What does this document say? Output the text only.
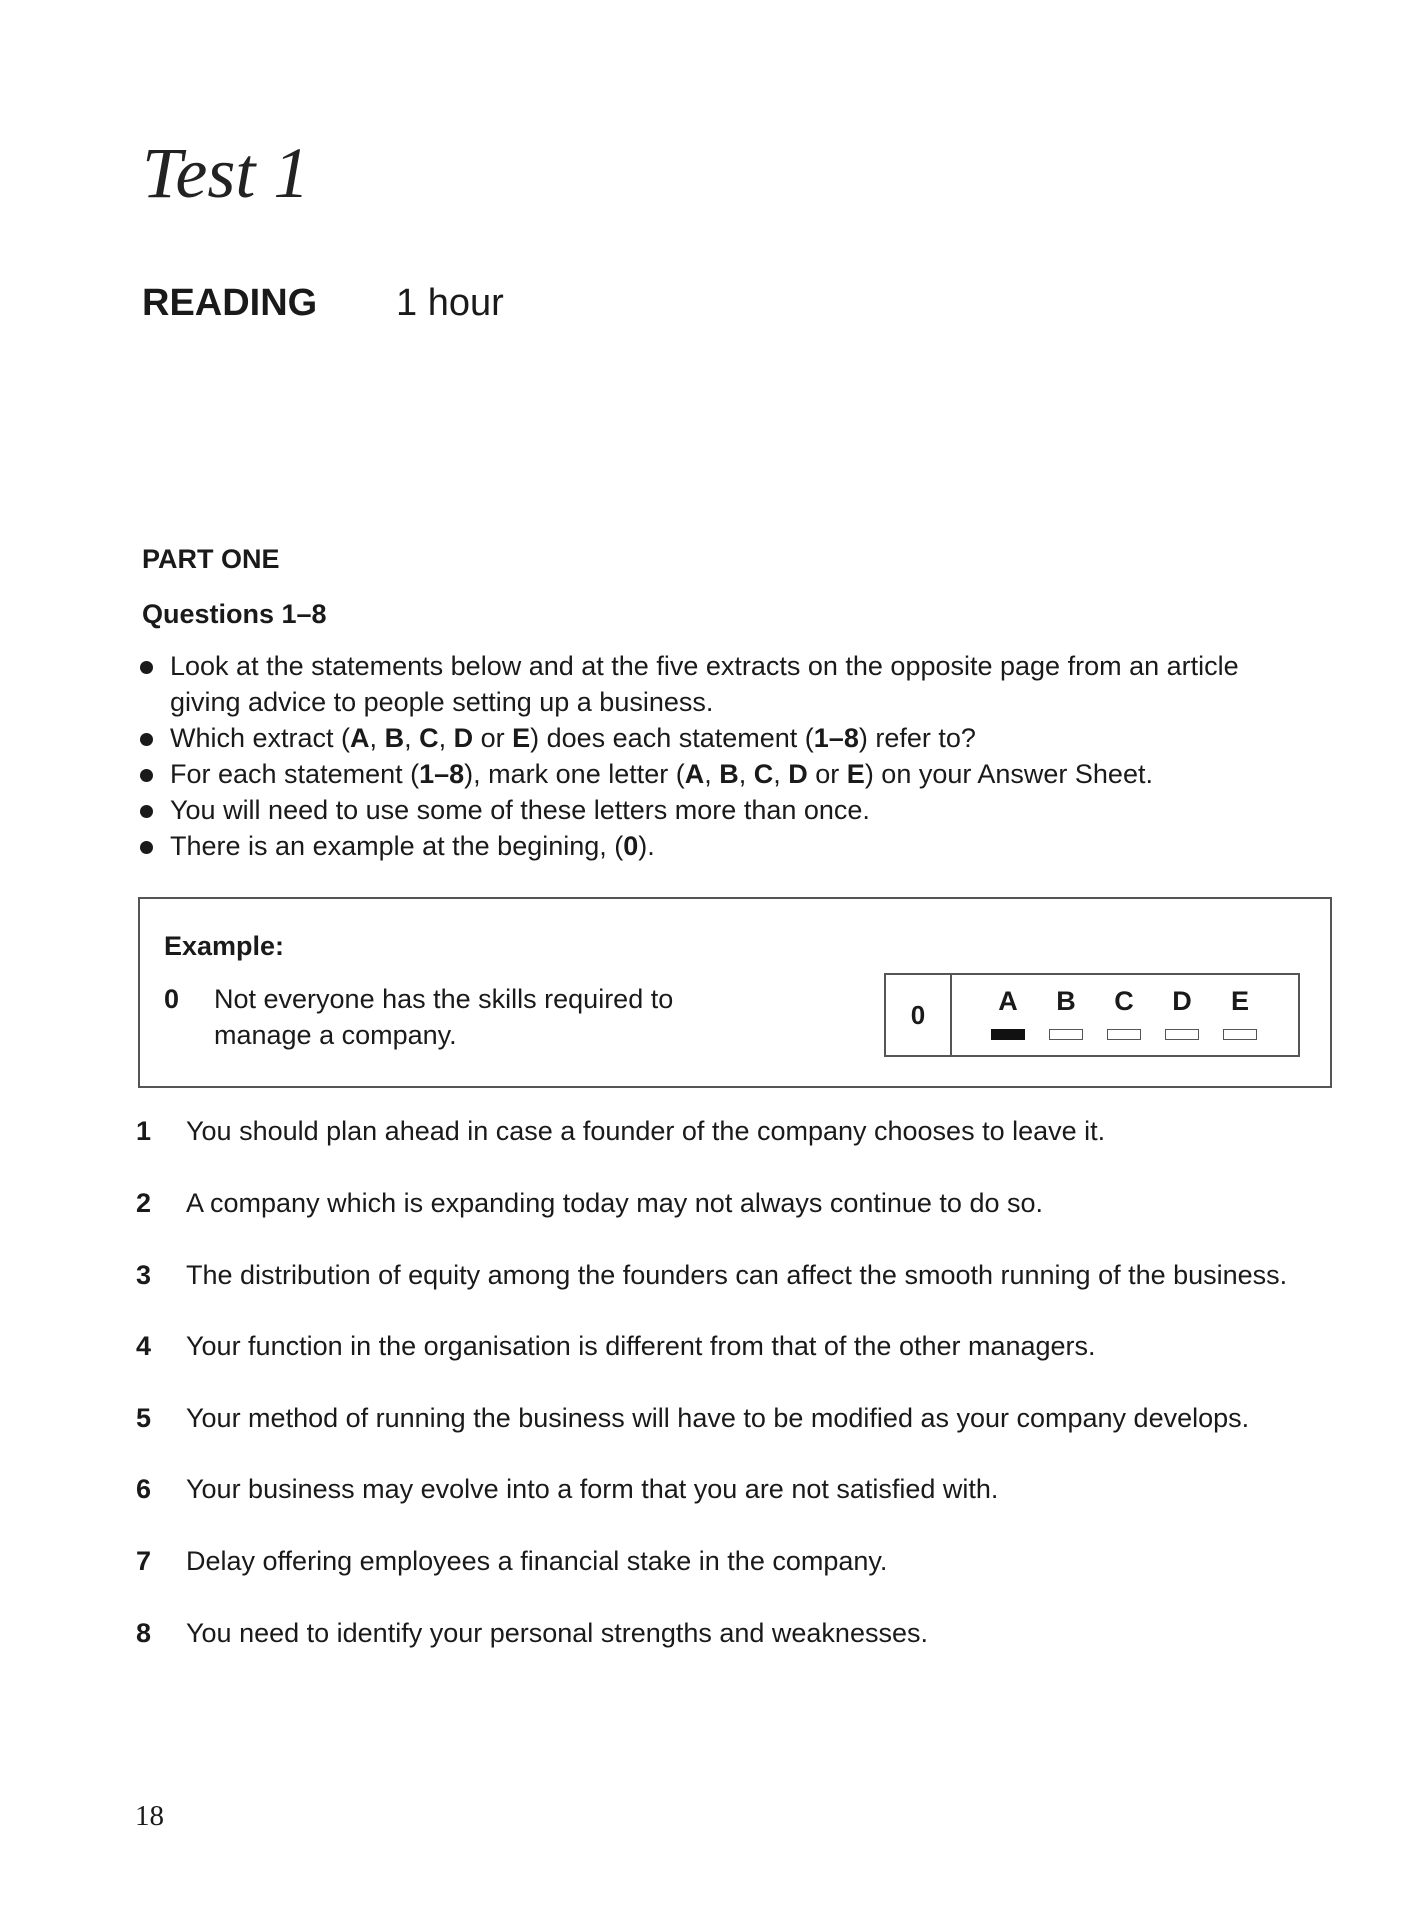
Test 1
READING 1 hour
PART ONE
Questions 1–8
Look at the statements below and at the five extracts on the opposite page from an article giving advice to people setting up a business.
Which extract (A, B, C, D or E) does each statement (1–8) refer to?
For each statement (1–8), mark one letter (A, B, C, D or E) on your Answer Sheet.
You will need to use some of these letters more than once.
There is an example at the begining, (0).
Example:
0 Not everyone has the skills required to manage a company.
0	A B C D E
1 You should plan ahead in case a founder of the company chooses to leave it.
2 A company which is expanding today may not always continue to do so.
3 The distribution of equity among the founders can affect the smooth running of the business.
4 Your function in the organisation is different from that of the other managers.
5 Your method of running the business will have to be modified as your company develops.
6 Your business may evolve into a form that you are not satisfied with.
7 Delay offering employees a financial stake in the company.
8 You need to identify your personal strengths and weaknesses.
18
